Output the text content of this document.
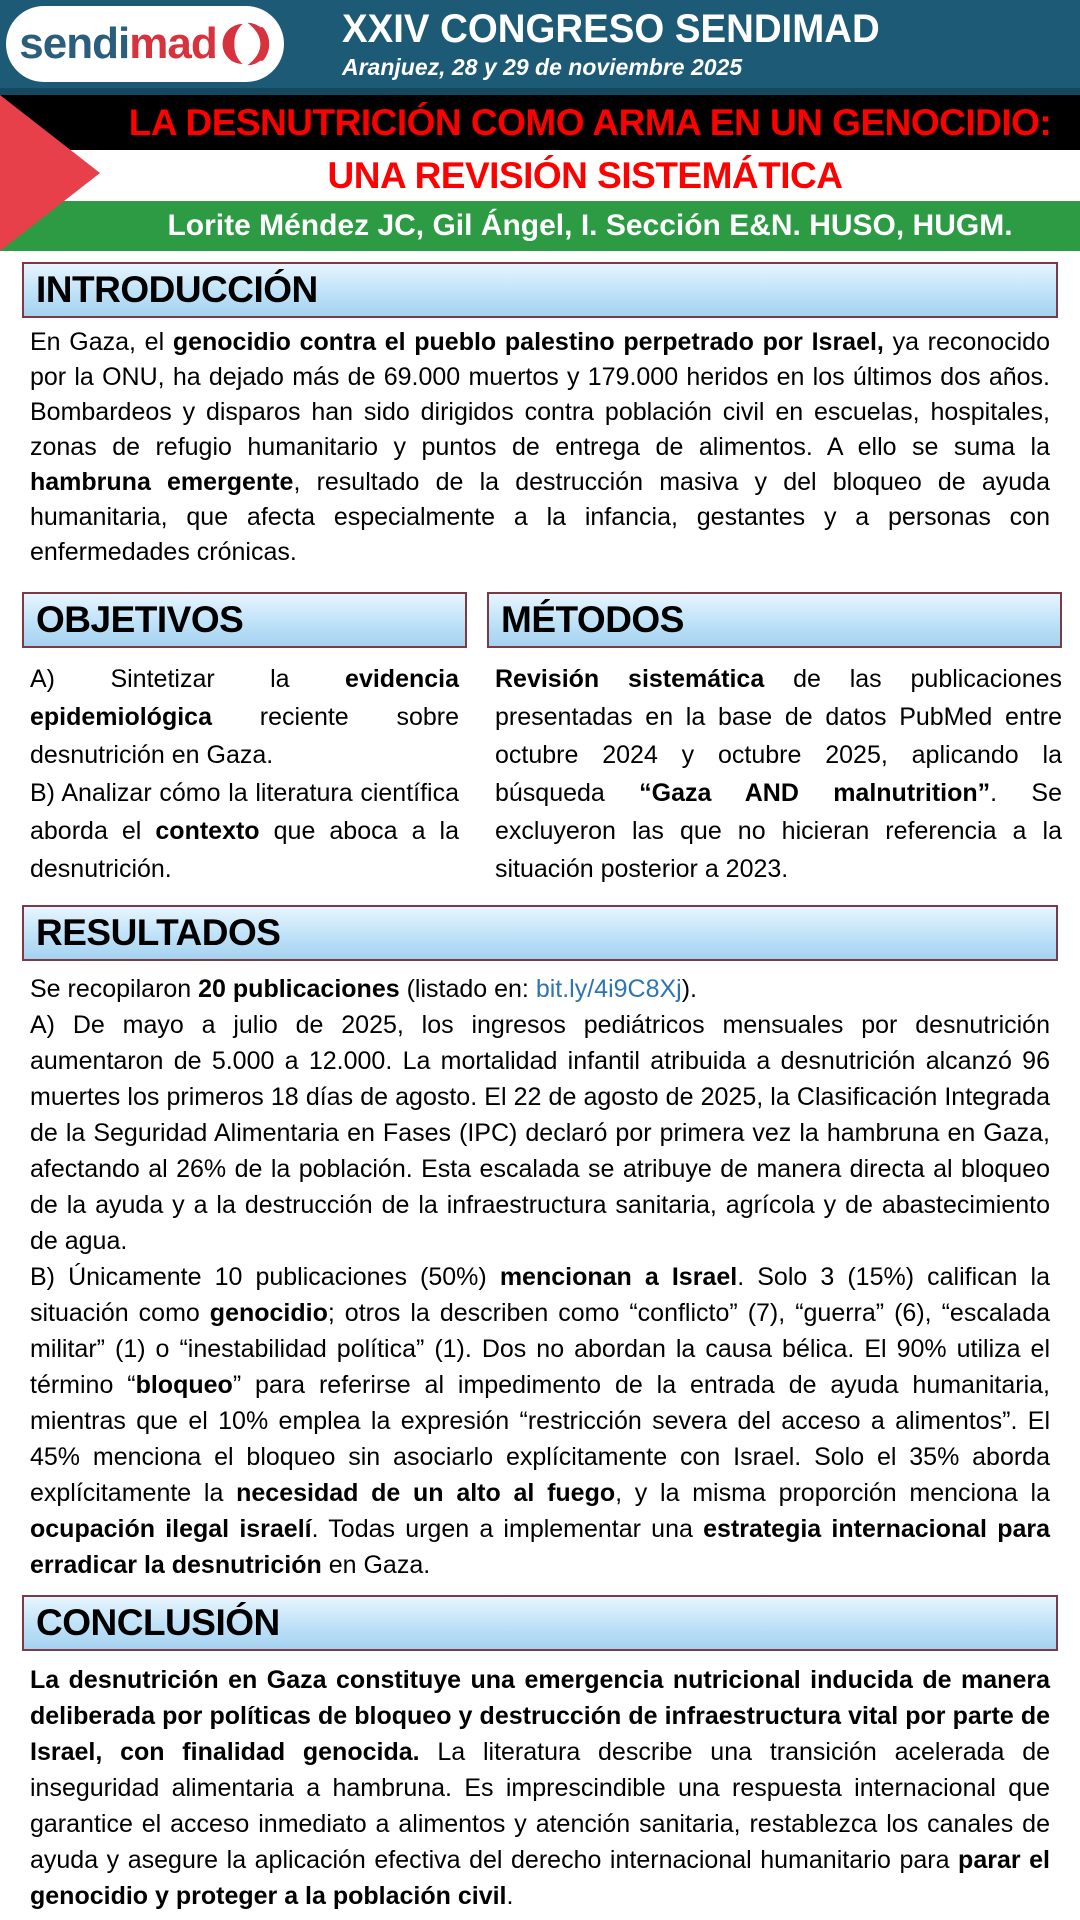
sendimad	XXIV CONGRESO SENDIMAD
Aranjuez, 28 y 29 de noviembre 2025
LA DESNUTRICIÓN COMO ARMA EN UN GENOCIDIO:
UNA REVISIÓN SISTEMÁTICA
Lorite Méndez JC, Gil Ángel, I. Sección E&N. HUSO, HUGM.
INTRODUCCIÓN
En Gaza, el genocidio contra el pueblo palestino perpetrado por Israel, ya reconocido por la ONU, ha dejado más de 69.000 muertos y 179.000 heridos en los últimos dos años. Bombardeos y disparos han sido dirigidos contra población civil en escuelas, hospitales, zonas de refugio humanitario y puntos de entrega de alimentos. A ello se suma la hambruna emergente, resultado de la destrucción masiva y del bloqueo de ayuda humanitaria, que afecta especialmente a la infancia, gestantes y a personas con enfermedades crónicas.
OBJETIVOS
A) Sintetizar la evidencia epidemiológica reciente sobre desnutrición en Gaza.
B) Analizar cómo la literatura científica aborda el contexto que aboca a la desnutrición.
MÉTODOS
Revisión sistemática de las publicaciones presentadas en la base de datos PubMed entre octubre 2024 y octubre 2025, aplicando la búsqueda “Gaza AND malnutrition”. Se excluyeron las que no hicieran referencia a la situación posterior a 2023.
RESULTADOS
Se recopilaron 20 publicaciones (listado en: bit.ly/4i9C8Xj).
A) De mayo a julio de 2025, los ingresos pediátricos mensuales por desnutrición aumentaron de 5.000 a 12.000. La mortalidad infantil atribuida a desnutrición alcanzó 96 muertes los primeros 18 días de agosto. El 22 de agosto de 2025, la Clasificación Integrada de la Seguridad Alimentaria en Fases (IPC) declaró por primera vez la hambruna en Gaza, afectando al 26% de la población. Esta escalada se atribuye de manera directa al bloqueo de la ayuda y a la destrucción de la infraestructura sanitaria, agrícola y de abastecimiento de agua.
B) Únicamente 10 publicaciones (50%) mencionan a Israel. Solo 3 (15%) califican la situación como genocidio; otros la describen como “conflicto” (7), “guerra” (6), “escalada militar” (1) o “inestabilidad política” (1). Dos no abordan la causa bélica. El 90% utiliza el término “bloqueo” para referirse al impedimento de la entrada de ayuda humanitaria, mientras que el 10% emplea la expresión “restricción severa del acceso a alimentos”. El 45% menciona el bloqueo sin asociarlo explícitamente con Israel. Solo el 35% aborda explícitamente la necesidad de un alto al fuego, y la misma proporción menciona la ocupación ilegal israelí. Todas urgen a implementar una estrategia internacional para erradicar la desnutrición en Gaza.
CONCLUSIÓN
La desnutrición en Gaza constituye una emergencia nutricional inducida de manera deliberada por políticas de bloqueo y destrucción de infraestructura vital por parte de Israel, con finalidad genocida. La literatura describe una transición acelerada de inseguridad alimentaria a hambruna. Es imprescindible una respuesta internacional que garantice el acceso inmediato a alimentos y atención sanitaria, restablezca los canales de ayuda y asegure la aplicación efectiva del derecho internacional humanitario para parar el genocidio y proteger a la población civil.
